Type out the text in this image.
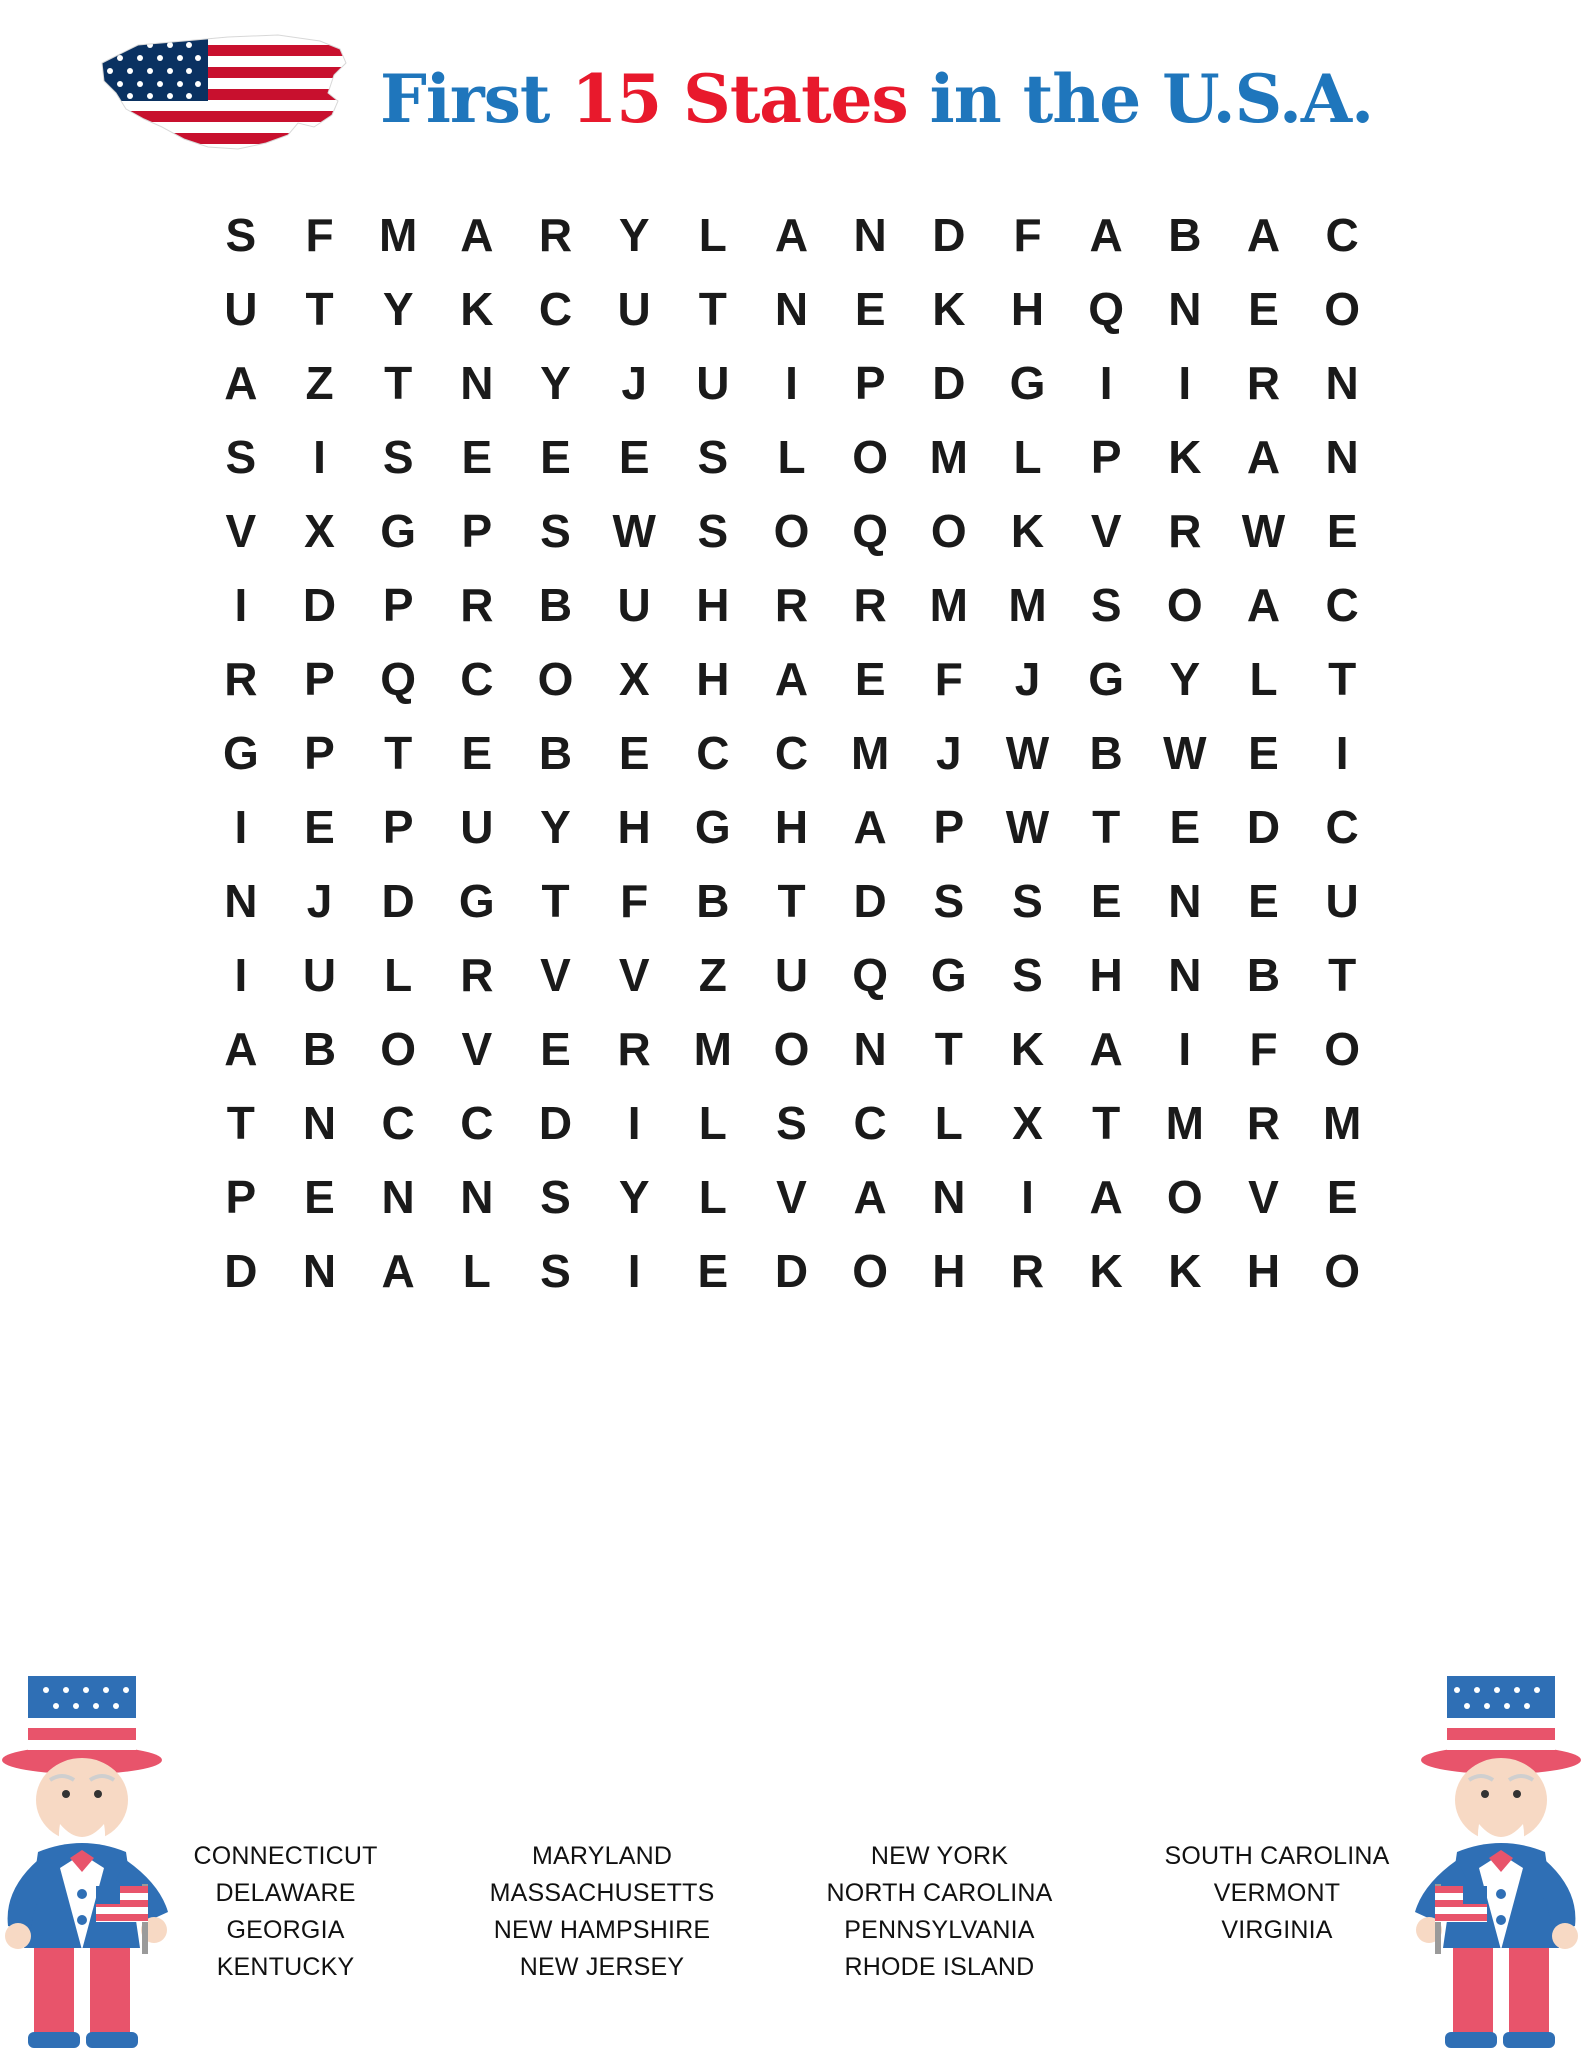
First 15 States in the U.S.A.
S	F M A R	Y	L	A N D	F	A B A C
U	T	Y	K C U	T	N	E	K H Q N	E O
A	Z	T	N	Y	J	U	I	P	D G	I	I	R N
S	I	S	E	E	E	S	L	O M L	P	K A N
V	X G P	S W S O Q O K	V	R W E
I	D	P	R B U H R R M M S O A C
R	P Q C O X	H A	E	F	J	G Y	L	T
G P	T	E	B	E	C C M	J W B W E	I
I	E	P	U	Y	H G H A	P W T	E	D C
N	J	D G	T	F	B	T	D	S	S	E	N	E	U
I	U	L	R	V	V	Z	U Q G S	H N B	T
A B O V	E	R M O N	T	K A	I	F	O
T	N C C D	I	L	S	C	L	X	T M R M
P	E	N N	S	Y	L	V	A N	I	A O V	E
D N A	L	S	I	E	D O H R K K H O
CONNECTICUT
DELAWARE
GEORGIA
KENTUCKY
MARYLAND
MASSACHUSETTS
NEW HAMPSHIRE
NEW JERSEY
NEW YORK
NORTH CAROLINA
PENNSYLVANIA
RHODE ISLAND
SOUTH CAROLINA
VERMONT
VIRGINIA
